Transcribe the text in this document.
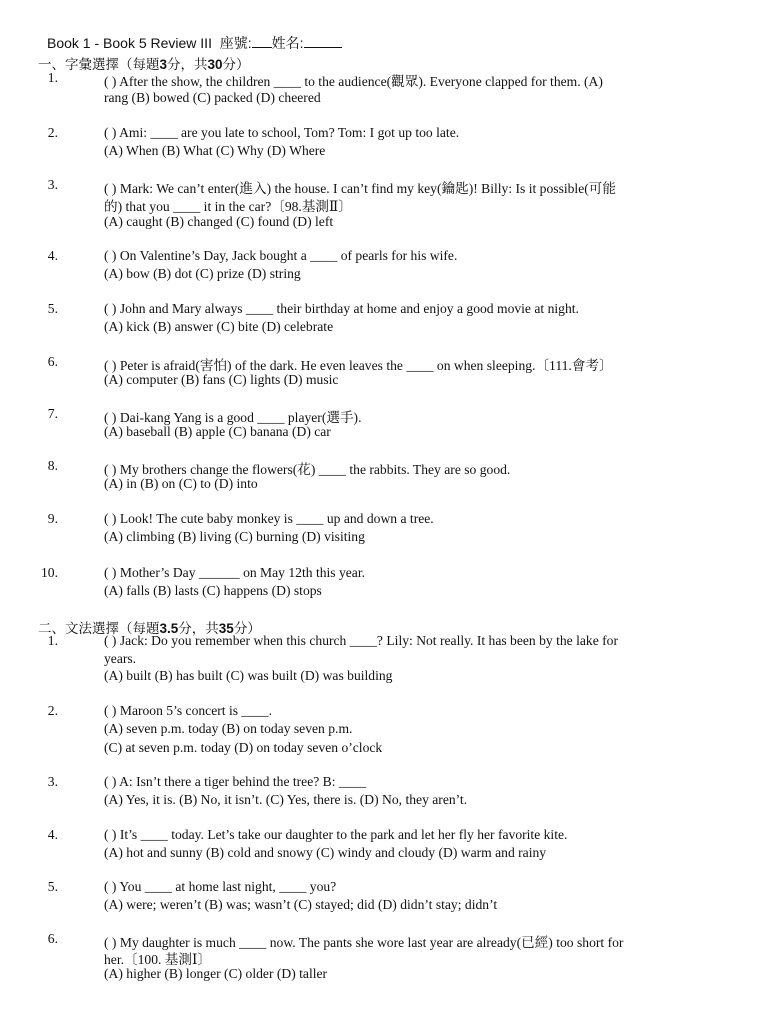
Book 1 - Book 5 Review III 座號: 姓名:
一、字彙選擇（每題3分，共30分）
1.	( ) After the show, the children ____ to the audience(觀眾). Everyone clapped for them. (A)
rang (B) bowed (C) packed (D) cheered
2.	( ) Ami: ____ are you late to school, Tom? Tom: I got up too late.
(A) When (B) What (C) Why (D) Where
3.	( ) Mark: We can’t enter(進入) the house. I can’t find my key(鑰匙)! Billy: Is it possible(可能
的) that you ____ it in the car?〔98.基測Ⅱ〕
(A) caught (B) changed (C) found (D) left
4.	( ) On Valentine’s Day, Jack bought a ____ of pearls for his wife.
(A) bow (B) dot (C) prize (D) string
5.	( ) John and Mary always ____ their birthday at home and enjoy a good movie at night.
(A) kick (B) answer (C) bite (D) celebrate
6.	( ) Peter is afraid(害怕) of the dark. He even leaves the ____ on when sleeping.〔111.會考〕
(A) computer (B) fans (C) lights (D) music
7.	( ) Dai-kang Yang is a good ____ player(選手).
(A) baseball (B) apple (C) banana (D) car
8.	( ) My brothers change the flowers(花) ____ the rabbits. They are so good.
(A) in (B) on (C) to (D) into
9.	( ) Look! The cute baby monkey is ____ up and down a tree.
(A) climbing (B) living (C) burning (D) visiting
10.	( ) Mother’s Day ______ on May 12th this year.
(A) falls (B) lasts (C) happens (D) stops
二、文法選擇（每題3.5分，共35分）
1.	( ) Jack: Do you remember when this church ____? Lily: Not really. It has been by the lake for
years.
(A) built (B) has built (C) was built (D) was building
2.	( ) Maroon 5’s concert is ____.
(A) seven p.m. today (B) on today seven p.m.
(C) at seven p.m. today (D) on today seven o’clock
3.	( ) A: Isn’t there a tiger behind the tree? B: ____
(A) Yes, it is. (B) No, it isn’t. (C) Yes, there is. (D) No, they aren’t.
4.	( ) It’s ____ today. Let’s take our daughter to the park and let her fly her favorite kite.
(A) hot and sunny (B) cold and snowy (C) windy and cloudy (D) warm and rainy
5.	( ) You ____ at home last night, ____ you?
(A) were; weren’t (B) was; wasn’t (C) stayed; did (D) didn’t stay; didn’t
6.	( ) My daughter is much ____ now. The pants she wore last year are already(已經) too short for
her.〔100. 基測Ⅰ〕
(A) higher (B) longer (C) older (D) taller
